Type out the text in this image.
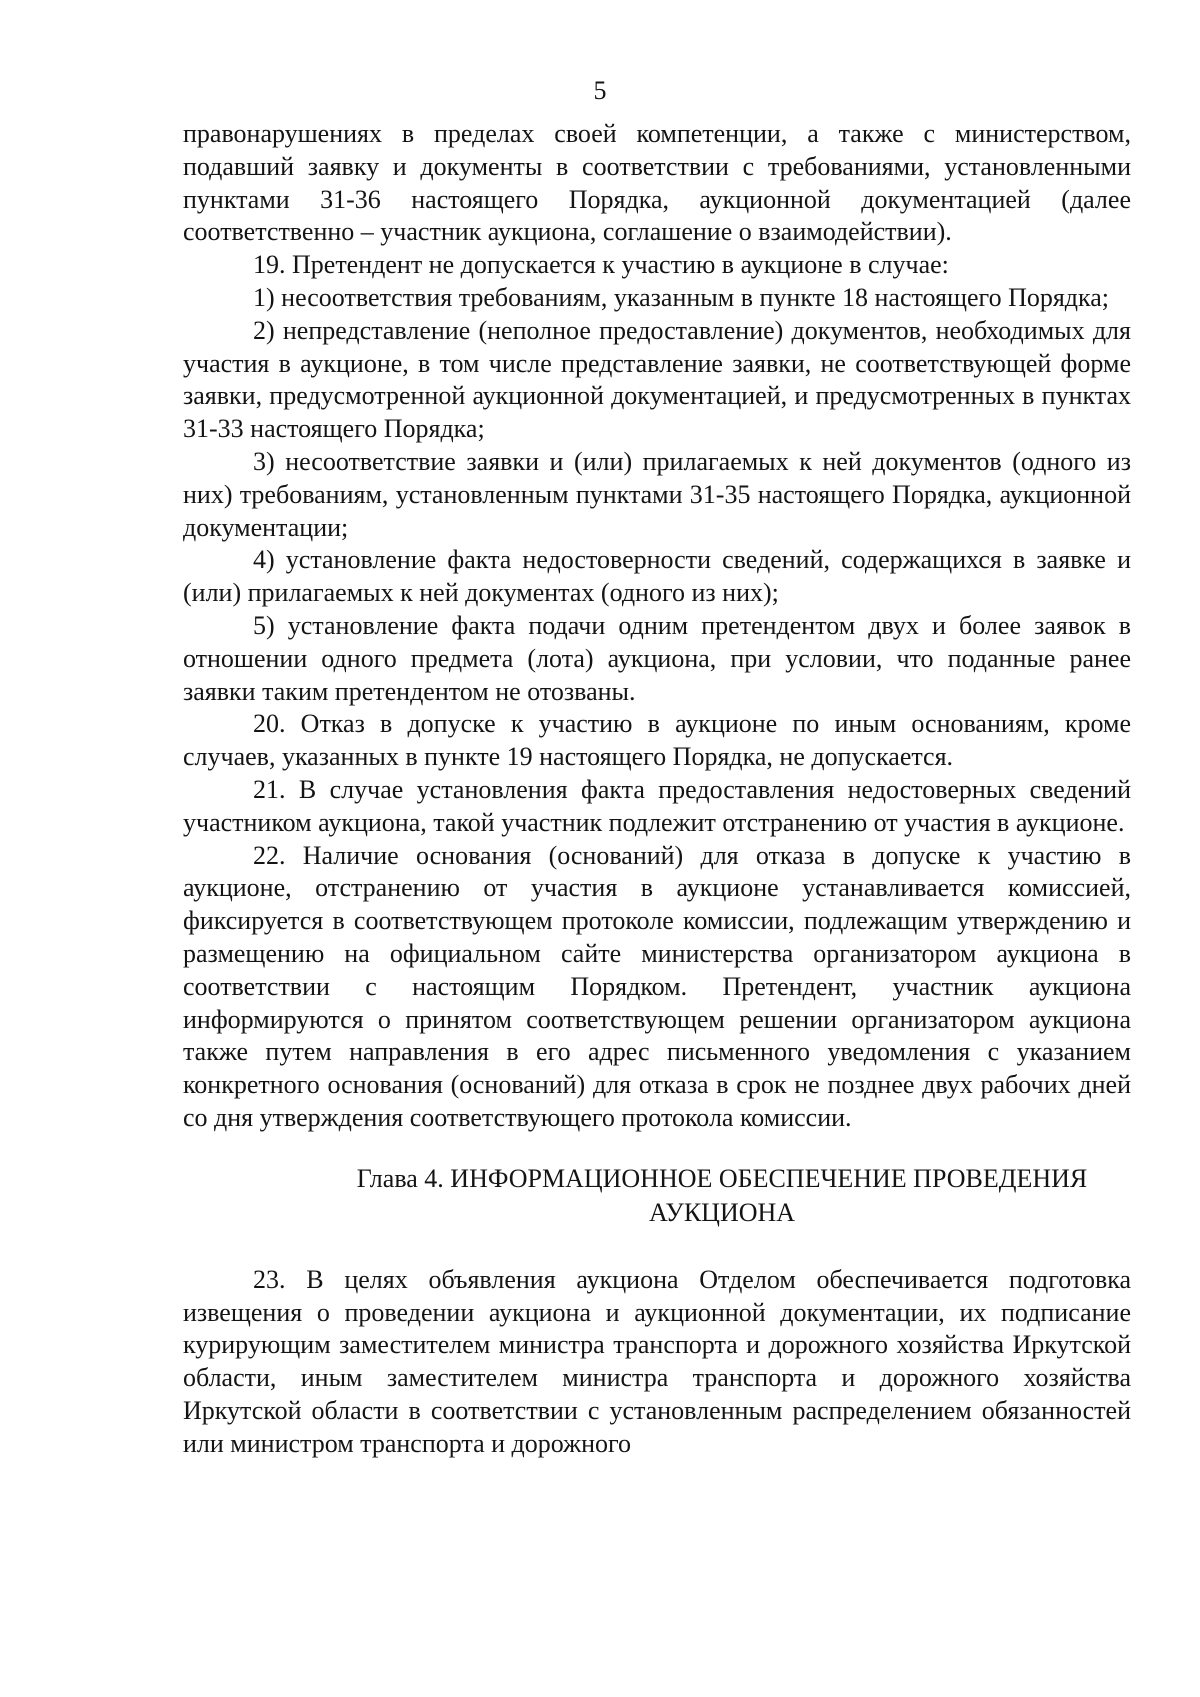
5

правонарушениях в пределах своей компетенции, а также с министерством, подавший заявку и документы в соответствии с требованиями, установленными пунктами 31-36 настоящего Порядка, аукционной документацией (далее соответственно – участник аукциона, соглашение о взаимодействии).

19. Претендент не допускается к участию в аукционе в случае:

1) несоответствия требованиям, указанным в пункте 18 настоящего Порядка;

2) непредставление (неполное предоставление) документов, необходимых для участия в аукционе, в том числе представление заявки, не соответствующей форме заявки, предусмотренной аукционной документацией, и предусмотренных в пунктах 31-33 настоящего Порядка;

3) несоответствие заявки и (или) прилагаемых к ней документов (одного из них) требованиям, установленным пунктами 31-35 настоящего Порядка, аукционной документации;

4) установление факта недостоверности сведений, содержащихся в заявке и (или) прилагаемых к ней документах (одного из них);

5) установление факта подачи одним претендентом двух и более заявок в отношении одного предмета (лота) аукциона, при условии, что поданные ранее заявки таким претендентом не отозваны.

20. Отказ в допуске к участию в аукционе по иным основаниям, кроме случаев, указанных в пункте 19 настоящего Порядка, не допускается.

21. В случае установления факта предоставления недостоверных сведений участником аукциона, такой участник подлежит отстранению от участия в аукционе.

22. Наличие основания (оснований) для отказа в допуске к участию в аукционе, отстранению от участия в аукционе устанавливается комиссией, фиксируется в соответствующем протоколе комиссии, подлежащим утверждению и размещению на официальном сайте министерства организатором аукциона в соответствии с настоящим Порядком. Претендент, участник аукциона информируются о принятом соответствующем решении организатором аукциона также путем направления в его адрес письменного уведомления с указанием конкретного основания (оснований) для отказа в срок не позднее двух рабочих дней со дня утверждения соответствующего протокола комиссии.

Глава 4. ИНФОРМАЦИОННОЕ ОБЕСПЕЧЕНИЕ ПРОВЕДЕНИЯ АУКЦИОНА

23. В целях объявления аукциона Отделом обеспечивается подготовка извещения о проведении аукциона и аукционной документации, их подписание курирующим заместителем министра транспорта и дорожного хозяйства Иркутской области, иным заместителем министра транспорта и дорожного хозяйства Иркутской области в соответствии с установленным распределением обязанностей или министром транспорта и дорожного
